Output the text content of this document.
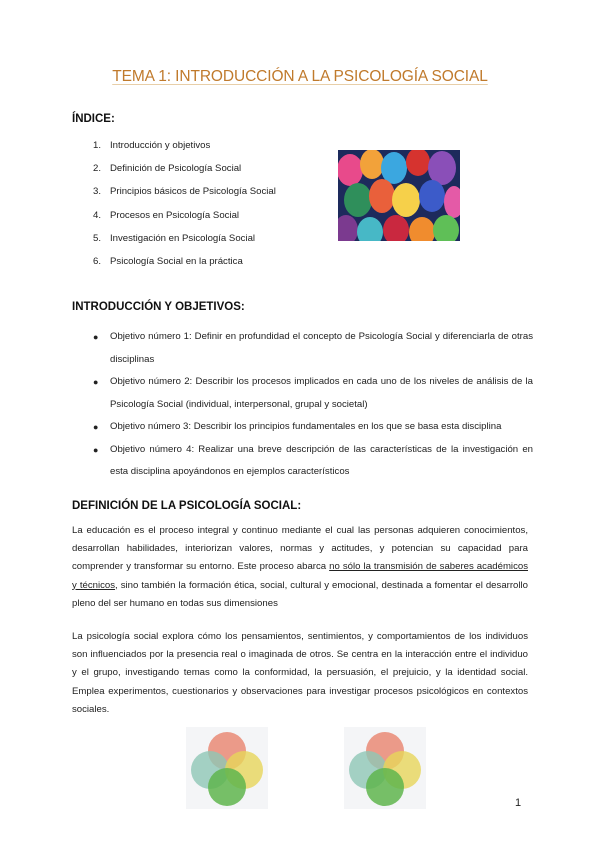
TEMA 1: INTRODUCCIÓN A LA PSICOLOGÍA SOCIAL
ÍNDICE:
1. Introducción y objetivos
2. Definición de Psicología Social
3. Principios básicos de Psicología Social
4. Procesos en Psicología Social
5. Investigación en Psicología Social
6. Psicología Social en la práctica
INTRODUCCIÓN Y OBJETIVOS:
● Objetivo número 1: Definir en profundidad el concepto de Psicología Social y diferenciarla de otras disciplinas
● Objetivo número 2: Describir los procesos implicados en cada uno de los niveles de análisis de la Psicología Social (individual, interpersonal, grupal y societal)
● Objetivo número 3: Describir los principios fundamentales en los que se basa esta disciplina
● Objetivo número 4: Realizar una breve descripción de las características de la investigación en esta disciplina apoyándonos en ejemplos característicos
DEFINICIÓN DE LA PSICOLOGÍA SOCIAL:

La educación es el proceso integral y continuo mediante el cual las personas adquieren conocimientos, desarrollan habilidades, interiorizan valores, normas y actitudes, y potencian su capacidad para comprender y transformar su entorno. Este proceso abarca no sólo la transmisión de saberes académicos y técnicos, sino también la formación ética, social, cultural y emocional, destinada a fomentar el desarrollo pleno del ser humano en todas sus dimensiones

La psicología social explora cómo los pensamientos, sentimientos, y comportamientos de los individuos son influenciados por la presencia real o imaginada de otros. Se centra en la interacción entre el individuo y el grupo, investigando temas como la conformidad, la persuasión, el prejuicio, y la identidad social. Emplea experimentos, cuestionarios y observaciones para investigar procesos psicológicos en contextos sociales.

1
